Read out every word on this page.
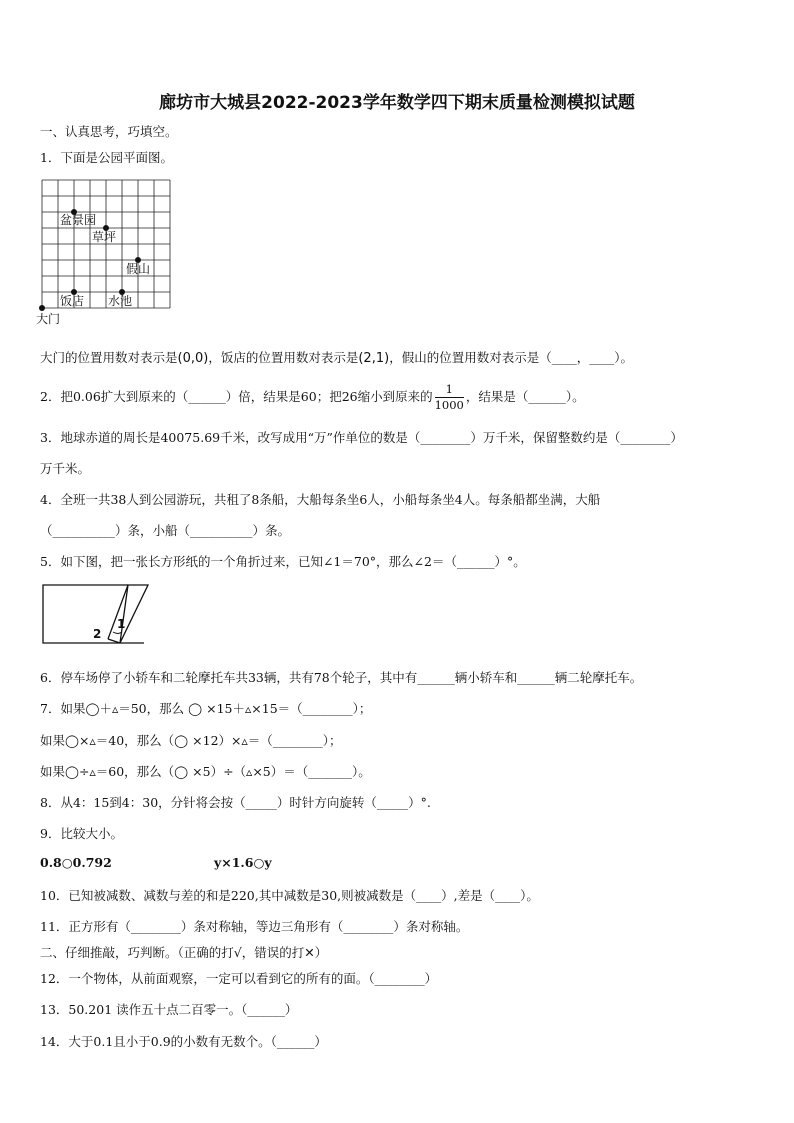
廊坊市大城县2022-2023学年数学四下期末质量检测模拟试题
一、认真思考，巧填空。
1．下面是公园平面图。
盆景园
草坪
假山
饭店 水池
大门
大门的位置用数对表示是(0,0)，饭店的位置用数对表示是(2,1)，假山的位置用数对表示是（____，____）。
2．把0.06扩大到原来的（______）倍，结果是60；把26缩小到原来的 $\frac{1}{1000}$ ，结果是（______）。
3．地球赤道的周长是40075.69千米，改写成用“万”作单位的数是（________）万千米，保留整数约是（________）
万千米。
4．全班一共38人到公园游玩，共租了8条船，大船每条坐6人，小船每条坐4人。每条船都坐满，大船
（__________）条，小船（__________）条。
5．如下图，把一张长方形纸的一个角折过来，已知∠1＝70°，那么∠2＝（______）°。
2
1
6．停车场停了小轿车和二轮摩托车共33辆，共有78个轮子，其中有______辆小轿车和______辆二轮摩托车。
7．如果◯＋▵＝50，那么 ◯ ×15＋▵×15＝（________）；
如果◯×▵＝40，那么（◯ ×12）×▵＝（________）；
如果◯÷▵＝60，那么（◯ ×5）÷（▵×5）＝（_______）。
8．从4：15到4：30，分针将会按（_____）时针方向旋转（_____）°.
9．比较大小。
0.8○0.792	y×1.6○y
10．已知被减数、减数与差的和是220,其中减数是30,则被减数是（____）,差是（____）。
11．正方形有（________）条对称轴，等边三角形有（________）条对称轴。
二、仔细推敲，巧判断。（正确的打√，错误的打✕）
12．一个物体，从前面观察，一定可以看到它的所有的面。（________）
13．50.201 读作五十点二百零一。（______）
14．大于0.1且小于0.9的小数有无数个。（______）
